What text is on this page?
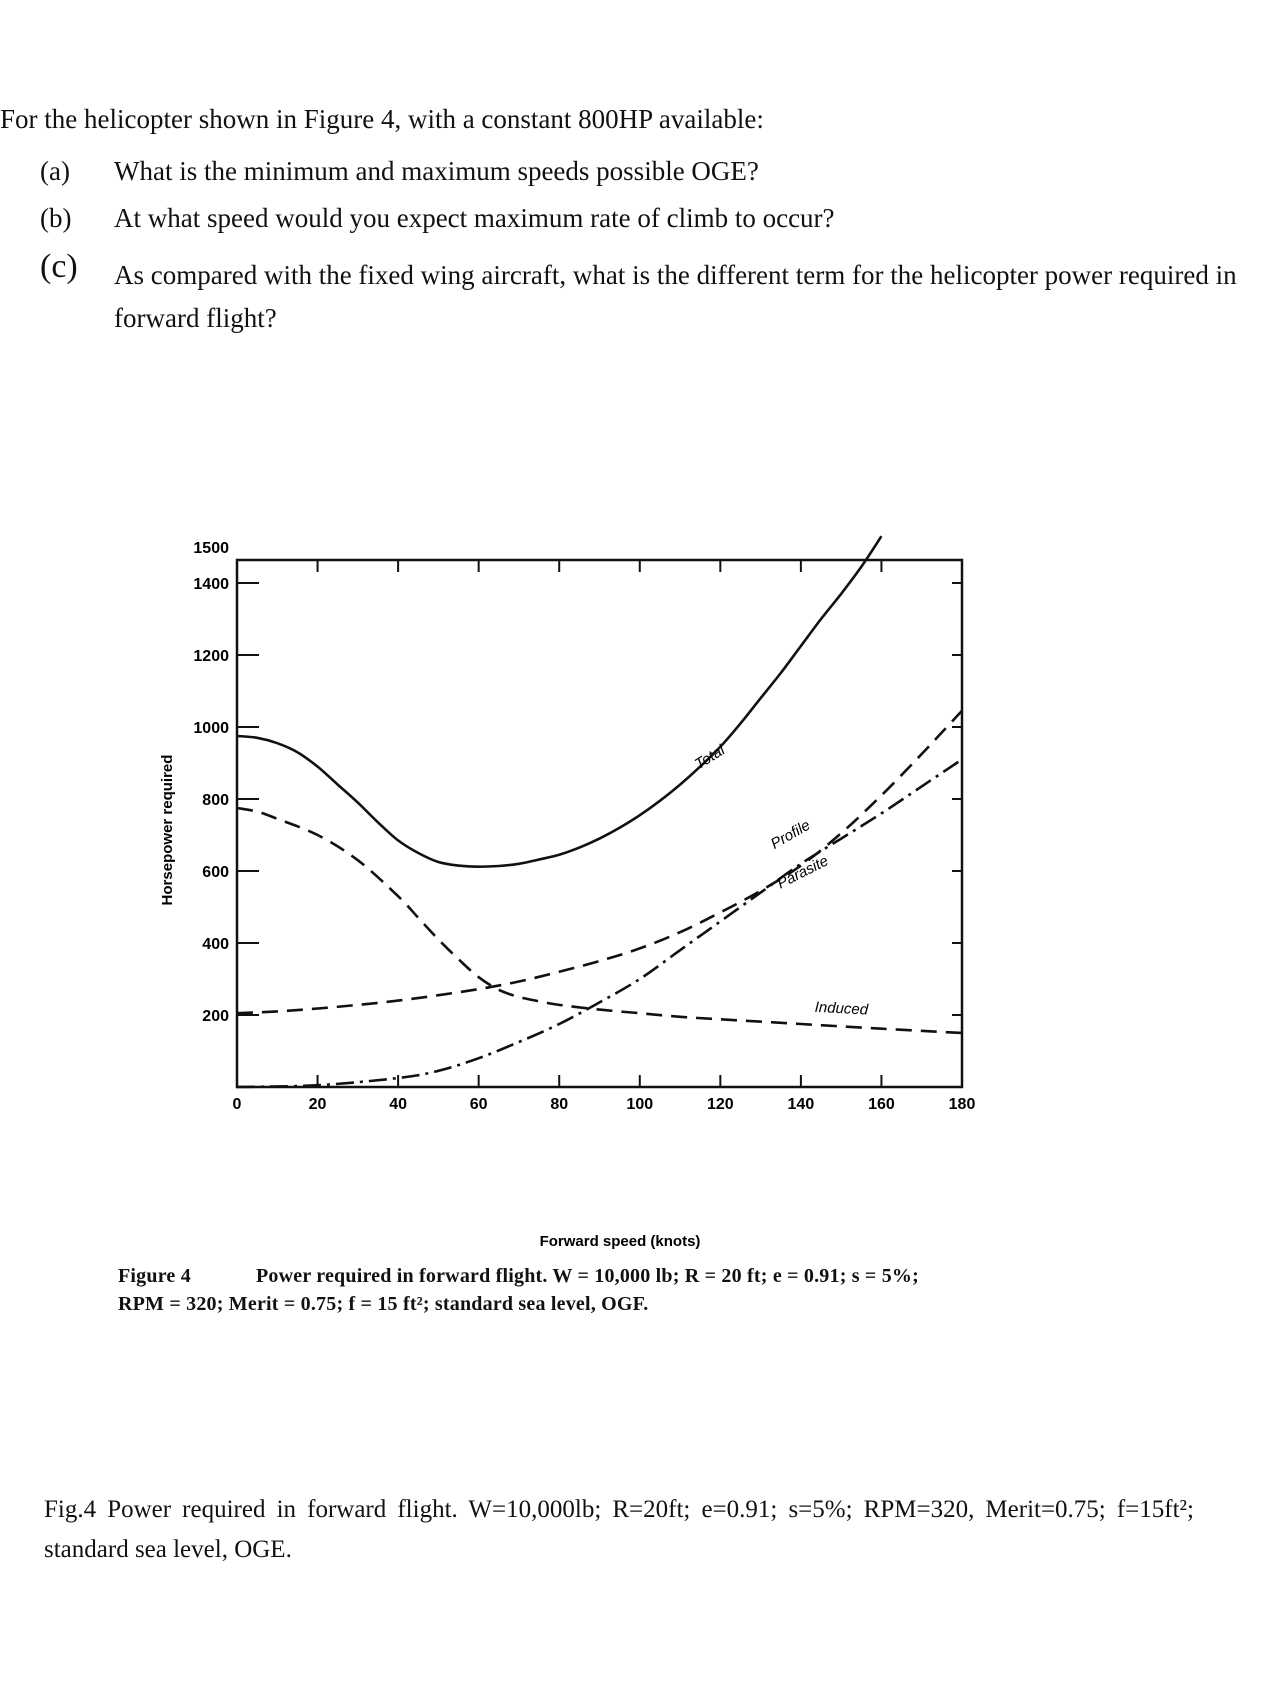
For the helicopter shown in Figure 4, with a constant 800HP available:
(a) What is the minimum and maximum speeds possible OGE?
(b) At what speed would you expect maximum rate of climb to occur?
(c) As compared with the fixed wing aircraft, what is the different term for the helicopter power required in forward flight?
0	20	40	60	80	100	120	140	160	180
200
400
600
800
1000
1200
1400
1500
Total
Profile
Parasite
Induced
Horsepower required
Forward speed (knots)
Figure 4	Power required in forward flight. W = 10,000 lb; R = 20 ft; e = 0.91; s = 5%;
RPM = 320; Merit = 0.75; f = 15 ft²; standard sea level, OGF.
Fig.4 Power required in forward flight. W=10,000lb; R=20ft; e=0.91; s=5%; RPM=320, Merit=0.75; f=15ft²; standard sea level, OGE.
